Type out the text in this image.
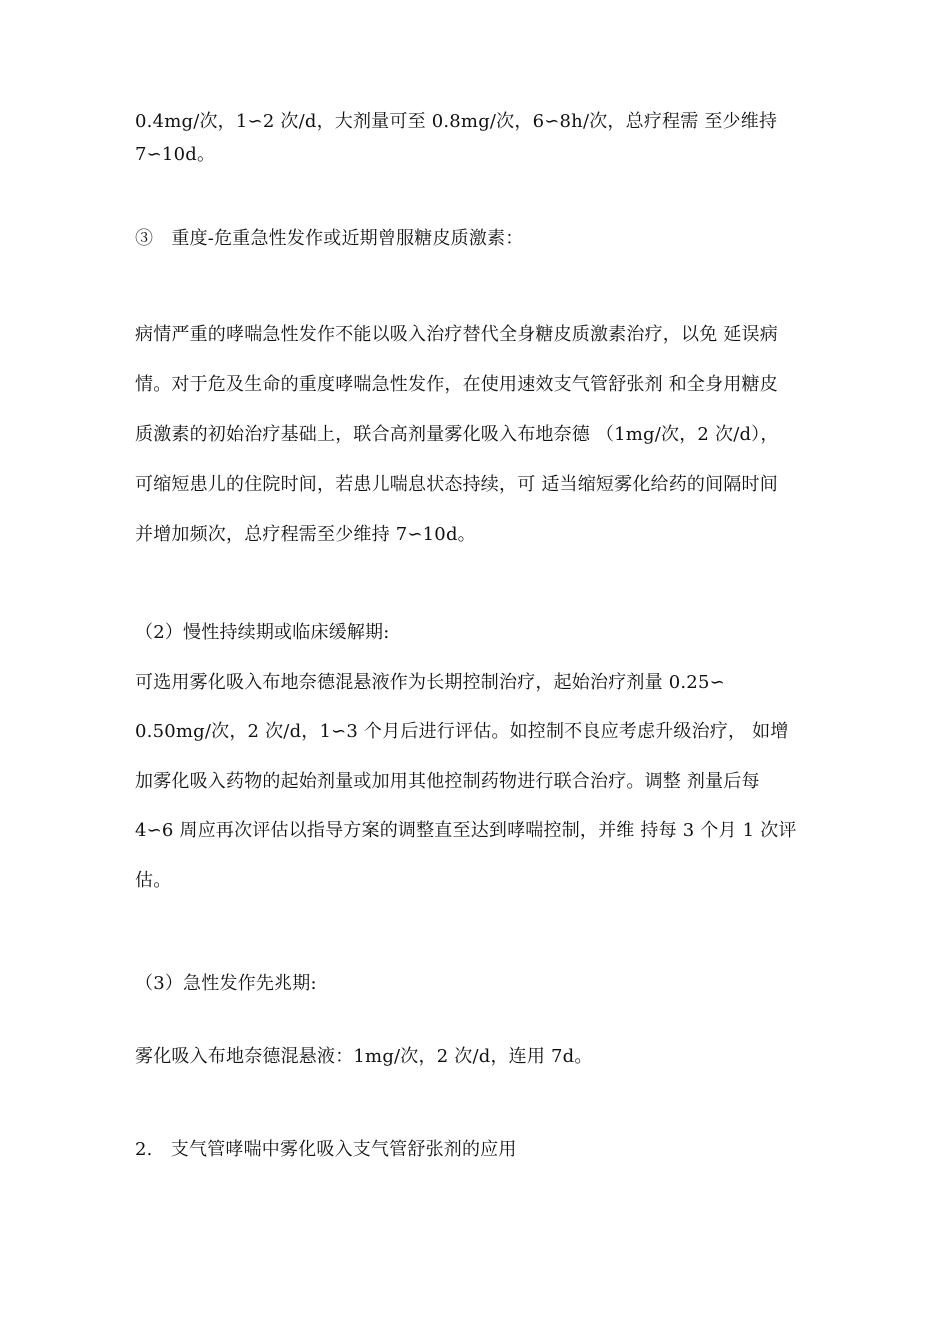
0.4mg/次，1∽2 次/d，大剂量可至 0.8mg/次，6∽8h/次，总疗程需 至少维持
7∽10d。
③　重度-危重急性发作或近期曾服糖皮质激素：
病情严重的哮喘急性发作不能以吸入治疗替代全身糖皮质激素治疗，以免 延误病
情。对于危及生命的重度哮喘急性发作，在使用速效支气管舒张剂 和全身用糖皮
质激素的初始治疗基础上，联合高剂量雾化吸入布地奈德 （1mg/次，2 次/d），
可缩短患儿的住院时间，若患儿喘息状态持续，可 适当缩短雾化给药的间隔时间
并增加频次，总疗程需至少维持 7∽10d。
（2）慢性持续期或临床缓解期:
可选用雾化吸入布地奈德混悬液作为长期控制治疗，起始治疗剂量 0.25∽
0.50mg/次，2 次/d，1∽3 个月后进行评估。如控制不良应考虑升级治疗， 如增
加雾化吸入药物的起始剂量或加用其他控制药物进行联合治疗。调整 剂量后每
4∽6 周应再次评估以指导方案的调整直至达到哮喘控制，并维 持每 3 个月 1 次评
估。
（3）急性发作先兆期:
雾化吸入布地奈德混悬液：1mg/次，2 次/d，连用 7d。
2.　支气管哮喘中雾化吸入支气管舒张剂的应用
